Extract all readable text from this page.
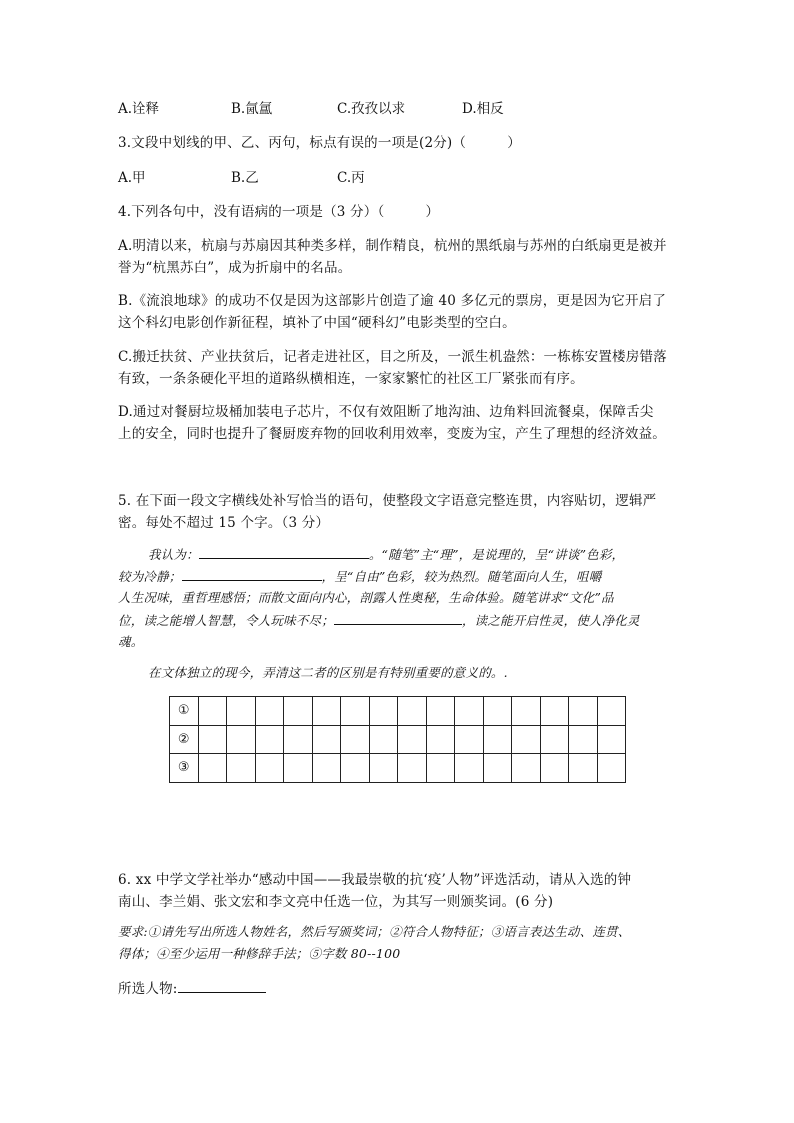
A.诠释	B.氤氲	C.孜孜以求	D.相反
3.文段中划线的甲、乙、丙句，标点有误的一项是(2分)（　　　）
A.甲	B.乙	C.丙
4.下列各句中，没有语病的一项是（3 分）（　　　）
A.明清以来，杭扇与苏扇因其种类多样，制作精良，杭州的黑纸扇与苏州的白纸扇更是被并
誉为“杭黑苏白”，成为折扇中的名品。
B.《流浪地球》的成功不仅是因为这部影片创造了逾 40 多亿元的票房，更是因为它开启了
这个科幻电影创作新征程，填补了中国“硬科幻”电影类型的空白。
C.搬迁扶贫、产业扶贫后，记者走进社区，目之所及，一派生机盎然：一栋栋安置楼房错落
有致，一条条硬化平坦的道路纵横相连，一家家繁忙的社区工厂紧张而有序。
D.通过对餐厨垃圾桶加装电子芯片，不仅有效阻断了地沟油、边角料回流餐桌，保障舌尖
上的安全，同时也提升了餐厨废弃物的回收利用效率，变废为宝，产生了理想的经济效益。
5. 在下面一段文字横线处补写恰当的语句，使整段文字语意完整连贯，内容贴切，逻辑严
密。每处不超过 15 个字。（3 分）
我认为：	。“随笔”主“理”，是说理的，呈“讲谈”色彩，
较为冷静；	，呈“自由”色彩，较为热烈。随笔面向人生，咀嚼
人生况味，重哲理感悟；而散文面向内心，剖露人性奥秘，生命体验。随笔讲求“文化”品
位，读之能增人智慧，令人玩味不尽；	，读之能开启性灵，使人净化灵
魂。
在文体独立的现今，弄清这二者的区别是有特别重要的意义的。.
①															
②															
③															
6. xx 中学文学社举办“感动中国——我最崇敬的抗‘疫’人物”评选活动，请从入选的钟
南山、李兰娟、张文宏和李文亮中任选一位，为其写一则颁奖词。(6 分)
要求:①请先写出所选人物姓名，然后写颁奖词；②符合人物特征；③语言表达生动、连贯、
得体；④至少运用一种修辞手法；⑤字数 80--100
所选人物:
